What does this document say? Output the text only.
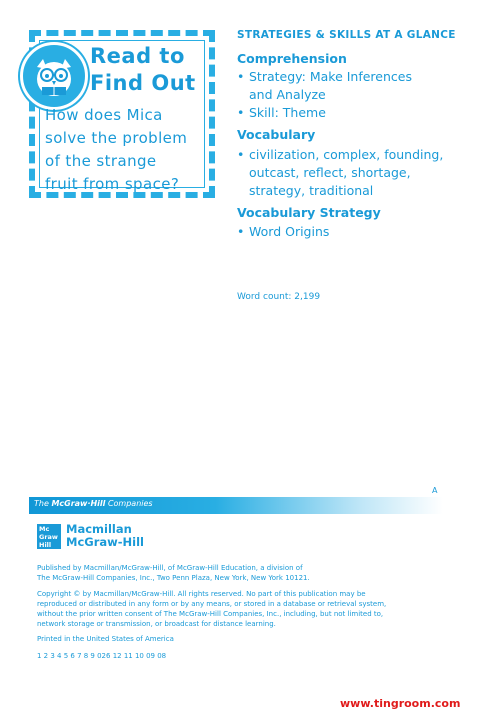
Read to
Find Out
How does Mica
solve the problem
of the strange
fruit from space?
STRATEGIES & SKILLS AT A GLANCE
Comprehension
• Strategy: Make Inferences
and Analyze
• Skill: Theme
Vocabulary
• civilization, complex, founding,
outcast, reflect, shortage,
strategy, traditional
Vocabulary Strategy
• Word Origins
Word count: 2,199
A
The McGraw·Hill Companies
Mc
Graw
Hill
Macmillan
McGraw-Hill
Published by Macmillan/McGraw-Hill, of McGraw-Hill Education, a division of
The McGraw-Hill Companies, Inc., Two Penn Plaza, New York, New York 10121.
Copyright © by Macmillan/McGraw-Hill. All rights reserved. No part of this publication may be
reproduced or distributed in any form or by any means, or stored in a database or retrieval system,
without the prior written consent of The McGraw-Hill Companies, Inc., including, but not limited to,
network storage or transmission, or broadcast for distance learning.
Printed in the United States of America
1 2 3 4 5 6 7 8 9 026 12 11 10 09 08
www.tingroom.com
